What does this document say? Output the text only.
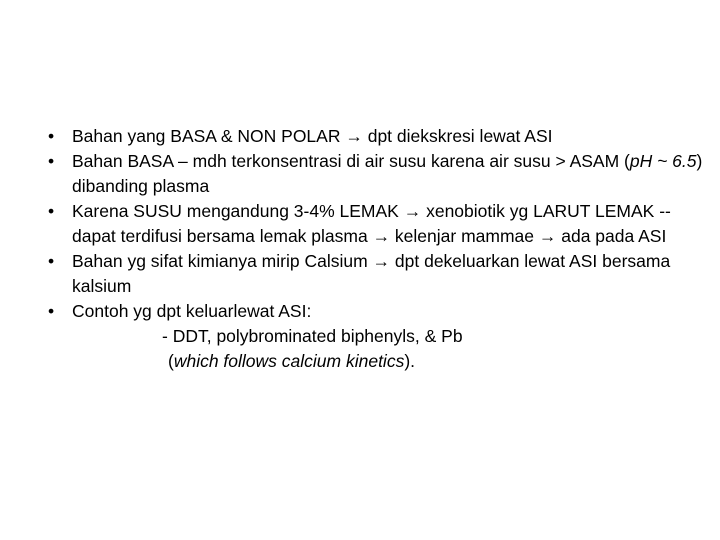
• Bahan yang BASA & NON POLAR → dpt diekskresi lewat ASI
• Bahan BASA – mdh terkonsentrasi di air susu karena air susu > ASAM (pH ~ 6.5) dibanding plasma
• Karena SUSU mengandung 3-4% LEMAK → xenobiotik yg LARUT LEMAK --dapat terdifusi bersama lemak plasma → kelenjar mammae → ada pada ASI
• Bahan yg sifat kimianya mirip Calsium → dpt dekeluarkan lewat ASI bersama kalsium
• Contoh yg dpt keluarlewat ASI:
- DDT, polybrominated biphenyls, & Pb
(which follows calcium kinetics).
